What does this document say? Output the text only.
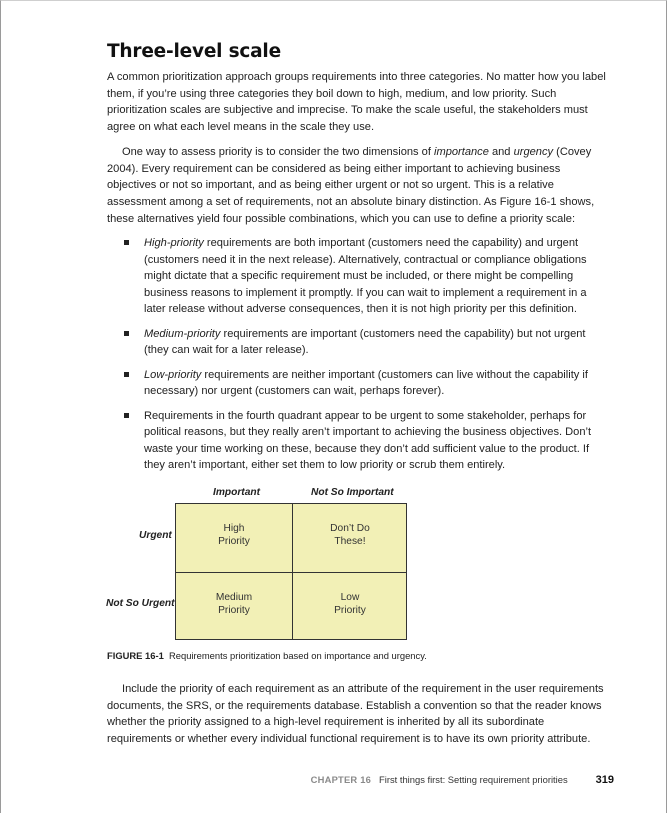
Three-level scale

A common prioritization approach groups requirements into three categories. No matter how you label them, if you’re using three categories they boil down to high, medium, and low priority. Such prioritization scales are subjective and imprecise. To make the scale useful, the stakeholders must agree on what each level means in the scale they use.

One way to assess priority is to consider the two dimensions of importance and urgency (Covey 2004). Every requirement can be considered as being either important to achieving business objectives or not so important, and as being either urgent or not so urgent. This is a relative assessment among a set of requirements, not an absolute binary distinction. As Figure 16-1 shows, these alternatives yield four possible combinations, which you can use to define a priority scale:

High-priority requirements are both important (customers need the capability) and urgent (customers need it in the next release). Alternatively, contractual or compliance obligations might dictate that a specific requirement must be included, or there might be compelling business reasons to implement it promptly. If you can wait to implement a requirement in a later release without adverse consequences, then it is not high priority per this definition.
Medium-priority requirements are important (customers need the capability) but not urgent (they can wait for a later release).
Low-priority requirements are neither important (customers can live without the capability if necessary) nor urgent (customers can wait, perhaps forever).
Requirements in the fourth quadrant appear to be urgent to some stakeholder, perhaps for political reasons, but they really aren’t important to achieving the business objectives. Don’t waste your time working on these, because they don’t add sufficient value to the product. If they aren’t important, either set them to low priority or scrub them entirely.
Important	Not So Important
Urgent
Not So Urgent
High
Priority
Don’t Do
These!
Medium
Priority
Low
Priority
FIGURE 16-1 Requirements prioritization based on importance and urgency.

Include the priority of each requirement as an attribute of the requirement in the user requirements documents, the SRS, or the requirements database. Establish a convention so that the reader knows whether the priority assigned to a high-level requirement is inherited by all its subordinate requirements or whether every individual functional requirement is to have its own priority attribute.

CHAPTER 16 First things first: Setting requirement priorities	319
